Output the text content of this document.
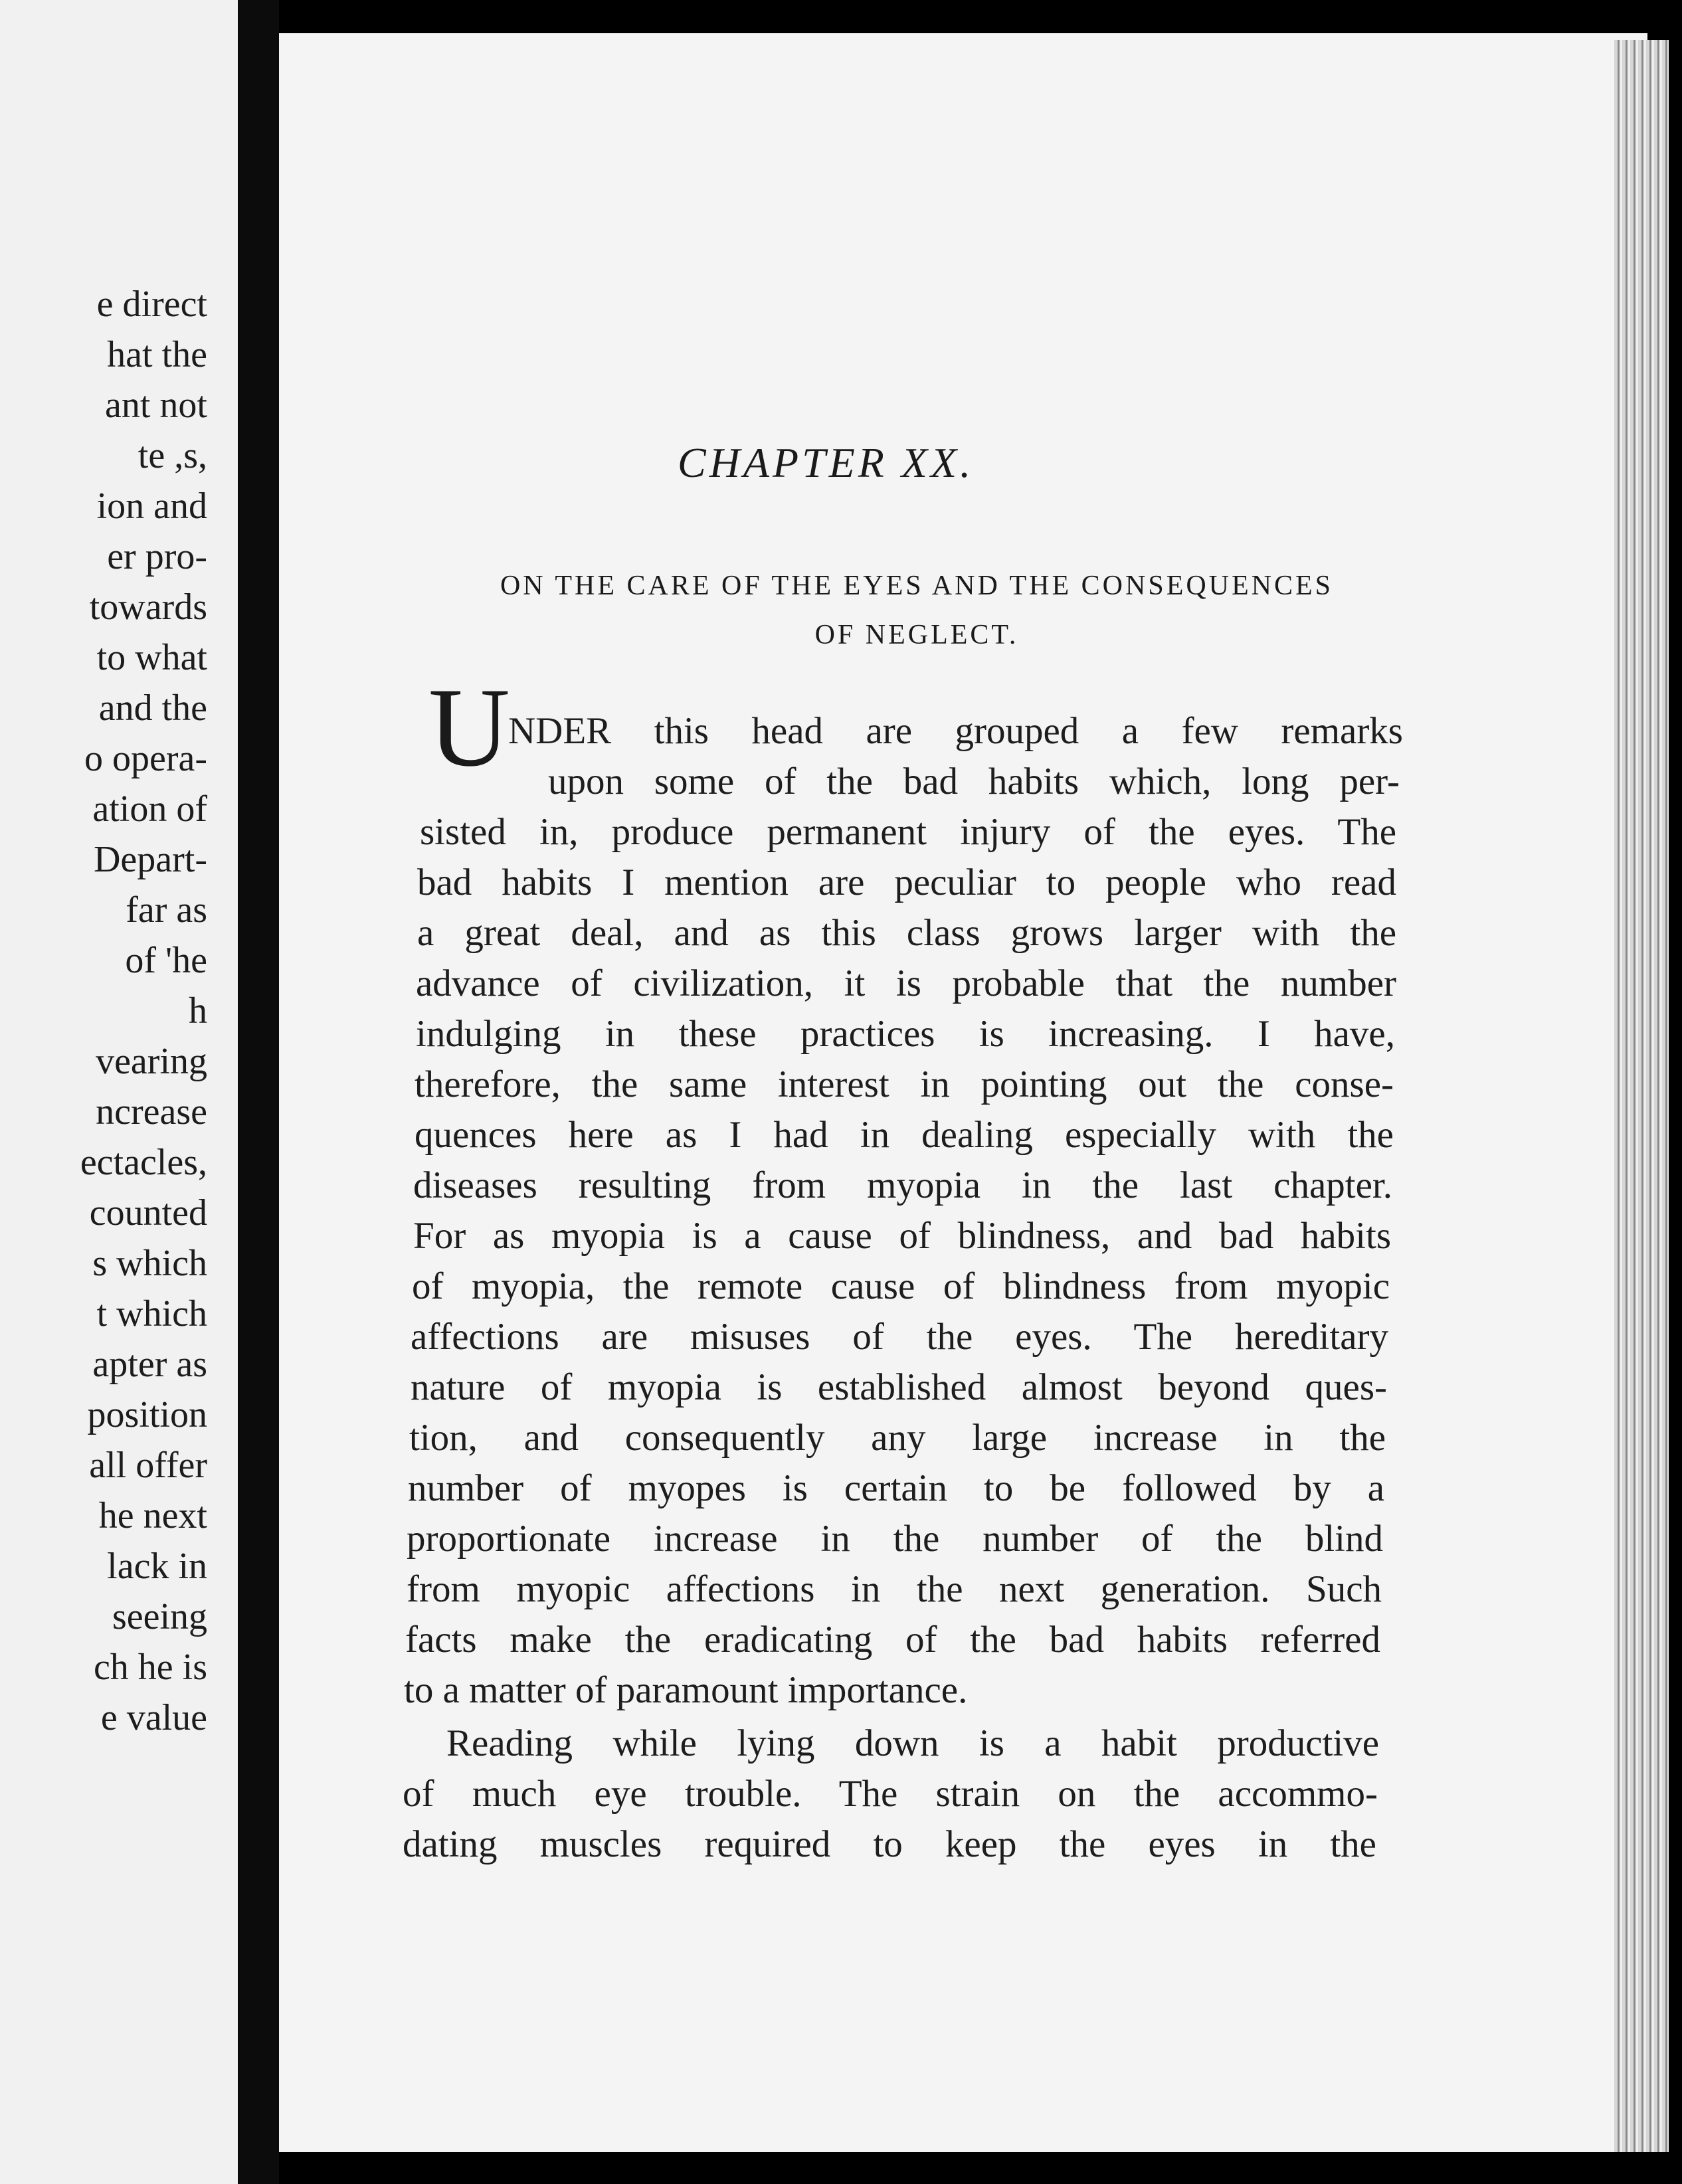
e direct
hat the
ant not
te ,s,
ion and
er pro-
towards
to what
and the
o opera-
ation of
Depart-
far as
of 'he
h
vearing
ncrease
ectacles,
counted
s which
t which
apter as
position
all offer
he next
lack in
seeing
ch he is
e value
CHAPTER XX.
ON THE CARE OF THE EYES AND THE CONSEQUENCES
OF NEGLECT.
U
NDER this head are grouped a few remarks
upon some of the bad habits which, long per-
sisted in, produce permanent injury of the eyes. The
bad habits I mention are peculiar to people who read
a great deal, and as this class grows larger with the
advance of civilization, it is probable that the number
indulging in these practices is increasing. I have,
therefore, the same interest in pointing out the conse-
quences here as I had in dealing especially with the
diseases resulting from myopia in the last chapter.
For as myopia is a cause of blindness, and bad habits
of myopia, the remote cause of blindness from myopic
affections are misuses of the eyes. The hereditary
nature of myopia is established almost beyond ques-
tion, and consequently any large increase in the
number of myopes is certain to be followed by a
proportionate increase in the number of the blind
from myopic affections in the next generation. Such
facts make the eradicating of the bad habits referred
to a matter of paramount importance.
Reading while lying down is a habit productive
of much eye trouble. The strain on the accommo-
dating muscles required to keep the eyes in the
